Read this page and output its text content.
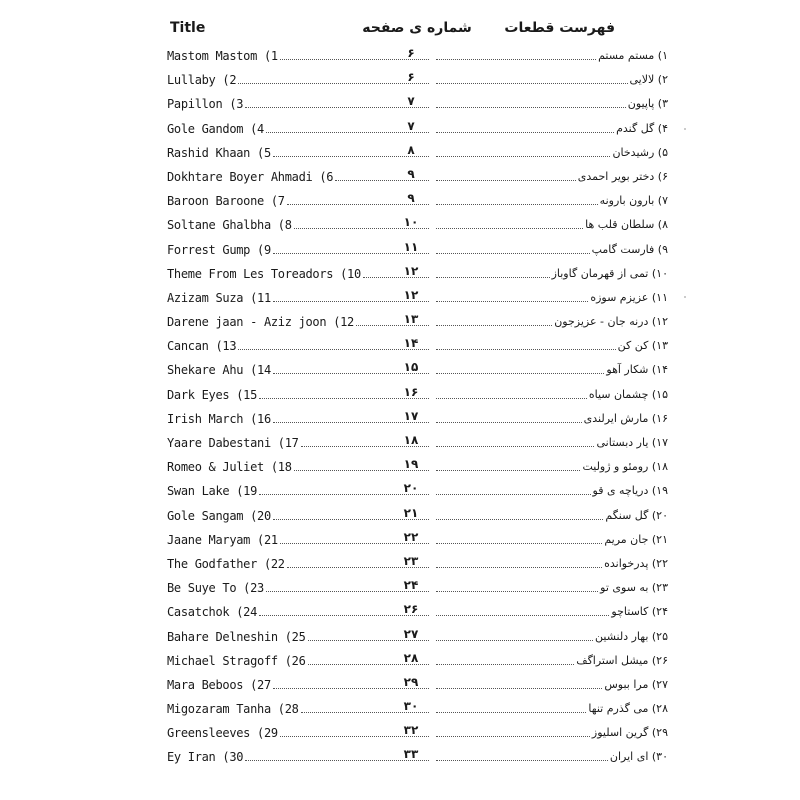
Title	شماره ی صفحه فهرست قطعات
Mastom Mastom (1	۶	۱) مستم مستم
Lullaby (2	۶	۲) لالایی
Papillon (3	۷	۳) پاپیون
Gole Gandom (4	۷	۴) گل گندم
Rashid Khaan (5	۸	۵) رشیدخان
Dokhtare Boyer Ahmadi (6	۹	۶) دختر بویر احمدی
Baroon Baroone (7	۹	۷) بارون بارونه
Soltane Ghalbha (8	۱۰	۸) سلطان قلب ها
Forrest Gump (9	۱۱	۹) فارست گامپ
Theme From Les Toreadors (10	۱۲	۱۰) تمی از قهرمان گاوباز
Azizam Suza (11	۱۲	۱۱) عزیزم سوزه
Darene jaan - Aziz joon (12	۱۳	۱۲) درنه جان - عزیزجون
Cancan (13	۱۴	۱۳) کن کن
Shekare Ahu (14	۱۵	۱۴) شکار آهو
Dark Eyes (15	۱۶	۱۵) چشمان سیاه
Irish March (16	۱۷	۱۶) مارش ایرلندی
Yaare Dabestani (17	۱۸	۱۷) یار دبستانی
Romeo & Juliet (18	۱۹	۱۸) رومئو و ژولیت
Swan Lake (19	۲۰	۱۹) دریاچه ی قو
Gole Sangam (20	۲۱	۲۰) گل سنگم
Jaane Maryam (21	۲۲	۲۱) جان مریم
The Godfather (22	۲۳	۲۲) پدرخوانده
Be Suye To (23	۲۴	۲۳) به سوی تو
Casatchok (24	۲۶	۲۴) کاستاچو
Bahare Delneshin (25	۲۷	۲۵) بهار دلنشین
Michael Stragoff (26	۲۸	۲۶) میشل استراگف
Mara Beboos (27	۲۹	۲۷) مرا ببوس
Migozaram Tanha (28	۳۰	۲۸) می گذرم تنها
Greensleeves (29	۳۲	۲۹) گرین اسلیوز
Ey Iran (30	۳۳	۳۰) ای ایران
